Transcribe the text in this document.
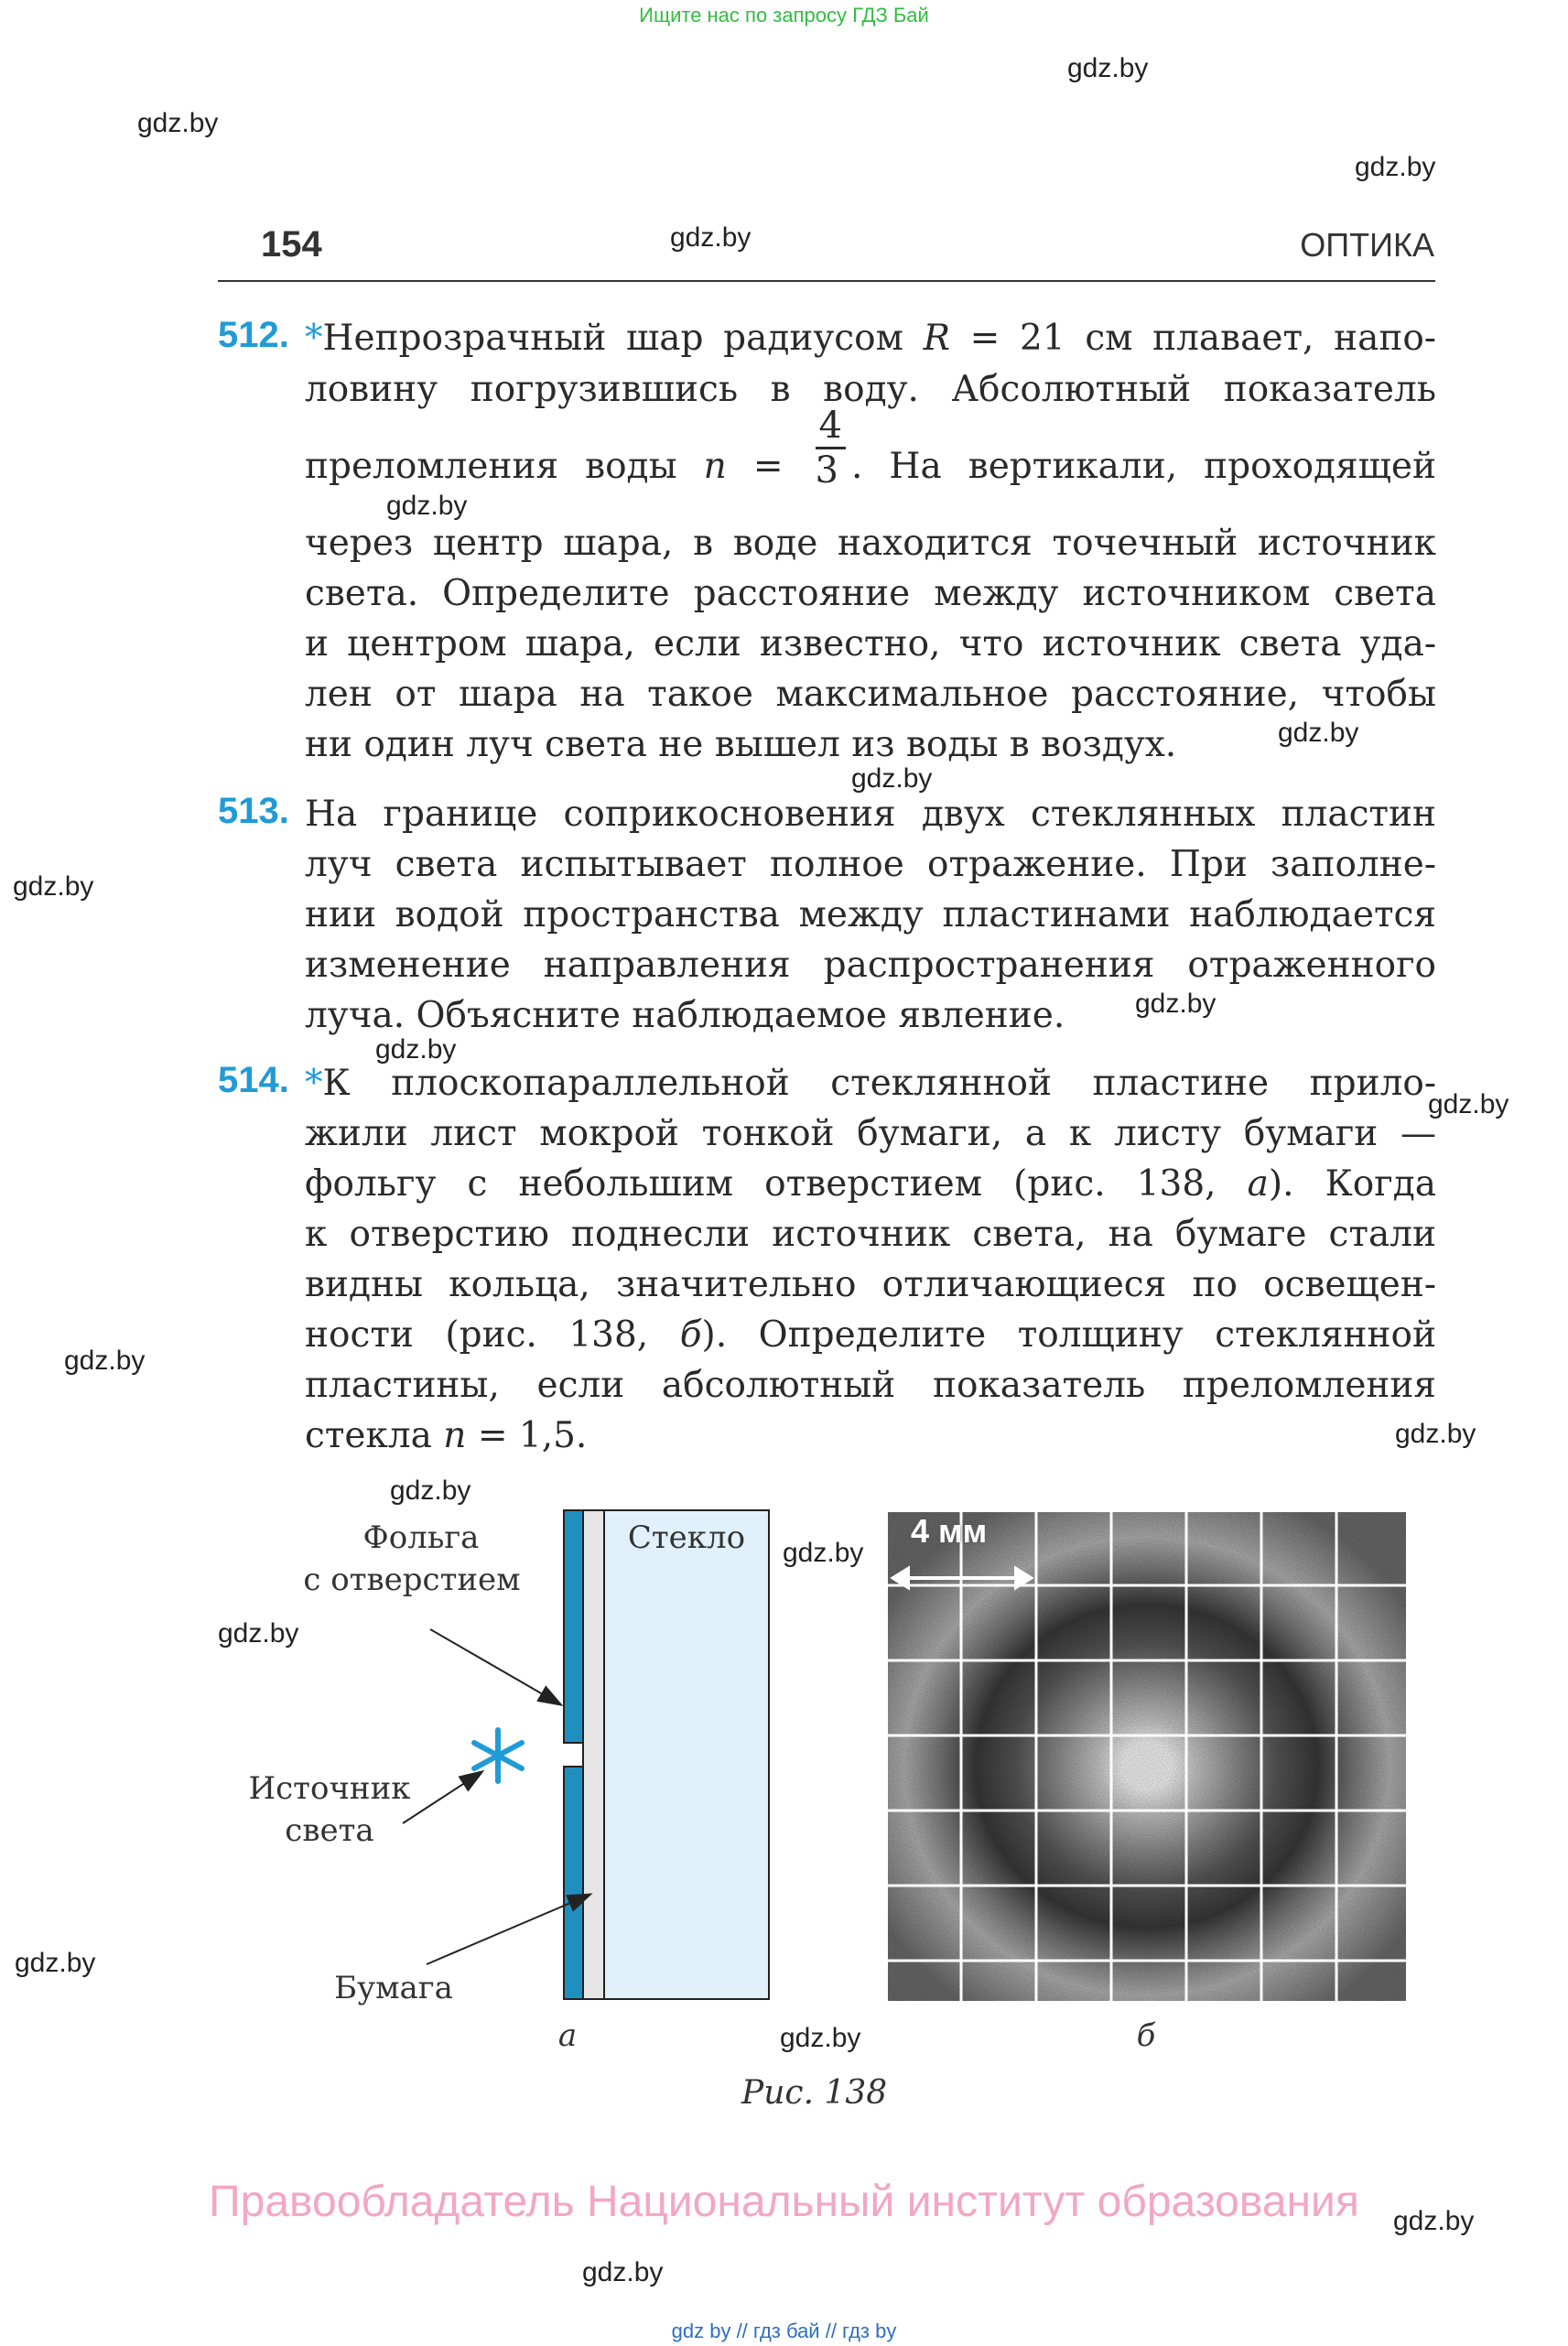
Ищите нас по запросу ГДЗ Бай
gdz.by
gdz.by
gdz.by
gdz.by
gdz.by
gdz.by
gdz.by
gdz.by
gdz.by
gdz.by
gdz.by
gdz.by
gdz.by
gdz.by
gdz.by
gdz.by
gdz.by
gdz.by
gdz.by
gdz.by
154	ОПТИКА
512. *Непрозрачный шар радиусом R = 21 см плавает, напо-
ловину погрузившись в воду. Абсолютный показатель
преломления воды $n = \frac{4}{3}$ . На вертикали, проходящей
через центр шара, в воде находится точечный источник
света. Определите расстояние между источником света
и центром шара, если известно, что источник света уда-
лен от шара на такое максимальное расстояние, чтобы
ни один луч света не вышел из воды в воздух.
513. На границе соприкосновения двух стеклянных пластин
луч света испытывает полное отражение. При заполне-
нии водой пространства между пластинами наблюдается
изменение направления распространения отраженного
луча. Объясните наблюдаемое явление.
514. *К плоскопараллельной стеклянной пластине прило-
жили лист мокрой тонкой бумаги, а к листу бумаги —
фольгу с небольшим отверстием (рис. 138, а). Когда
к отверстию поднесли источник света, на бумаге стали
видны кольца, значительно отличающиеся по освещен-
ности (рис. 138, б). Определите толщину стеклянной
пластины, если абсолютный показатель преломления
стекла n = 1,5.
Фольга
с отверстием
Стекло
Источник
света
Бумага
а
4 мм
б
Рис. 138
Правообладатель Национальный институт образования
gdz by // гдз бай // гдз by
